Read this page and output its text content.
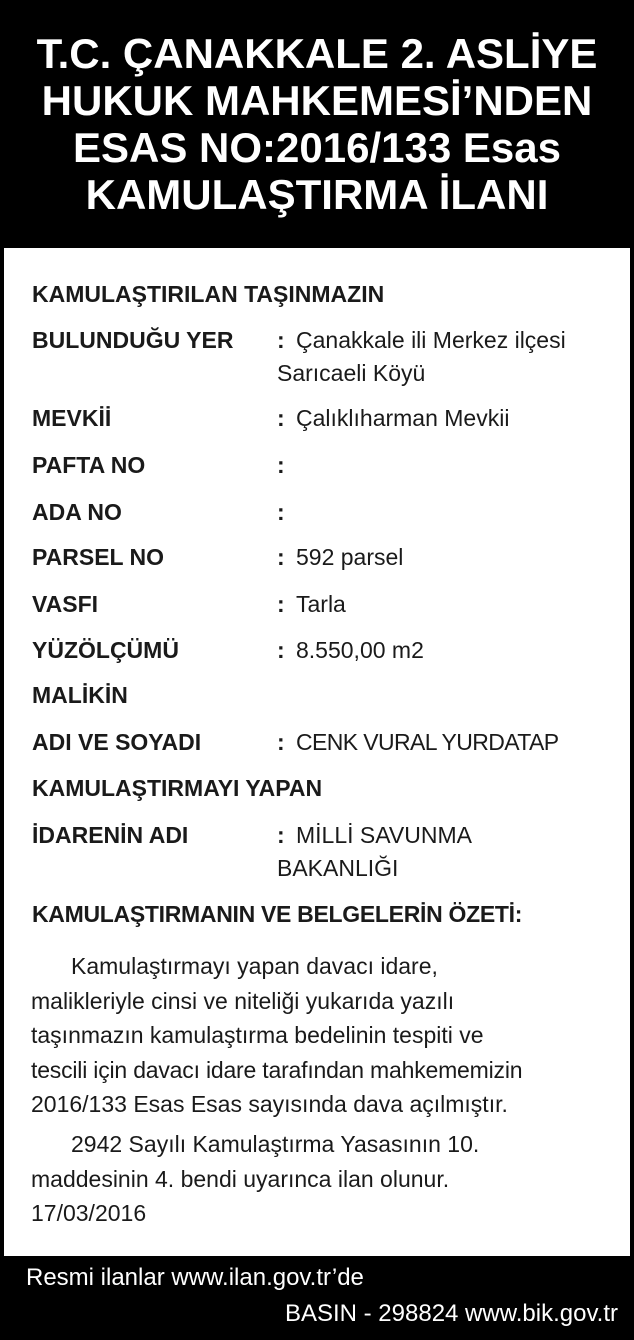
T.C. ÇANAKKALE 2. ASLİYE
HUKUK MAHKEMESİ’NDEN
ESAS NO:2016/133 Esas
KAMULAŞTIRMA İLANI
KAMULAŞTIRILAN TAŞINMAZIN
BULUNDUĞU YER : Çanakkale ili Merkez ilçesi
Sarıcaeli Köyü
MEVKİİ	: Çalıklıharman Mevkii
PAFTA NO	:
ADA NO	:
PARSEL NO	: 592 parsel
VASFI	: Tarla
YÜZÖLÇÜMÜ	: 8.550,00 m2
MALİKİN
ADI VE SOYADI	: CENK VURAL YURDATAP
KAMULAŞTIRMAYI YAPAN
İDARENİN ADI	: MİLLİ SAVUNMA
BAKANLIĞI
KAMULAŞTIRMANIN VE BELGELERİN ÖZETİ:
Kamulaştırmayı yapan davacı idare,
malikleriyle cinsi ve niteliği yukarıda yazılı
taşınmazın kamulaştırma bedelinin tespiti ve
tescili için davacı idare tarafından mahkememizin
2016/133 Esas Esas sayısında dava açılmıştır.
2942 Sayılı Kamulaştırma Yasasının 10.
maddesinin 4. bendi uyarınca ilan olunur.
17/03/2016
Resmi ilanlar www.ilan.gov.tr’de
BASIN - 298824 www.bik.gov.tr
